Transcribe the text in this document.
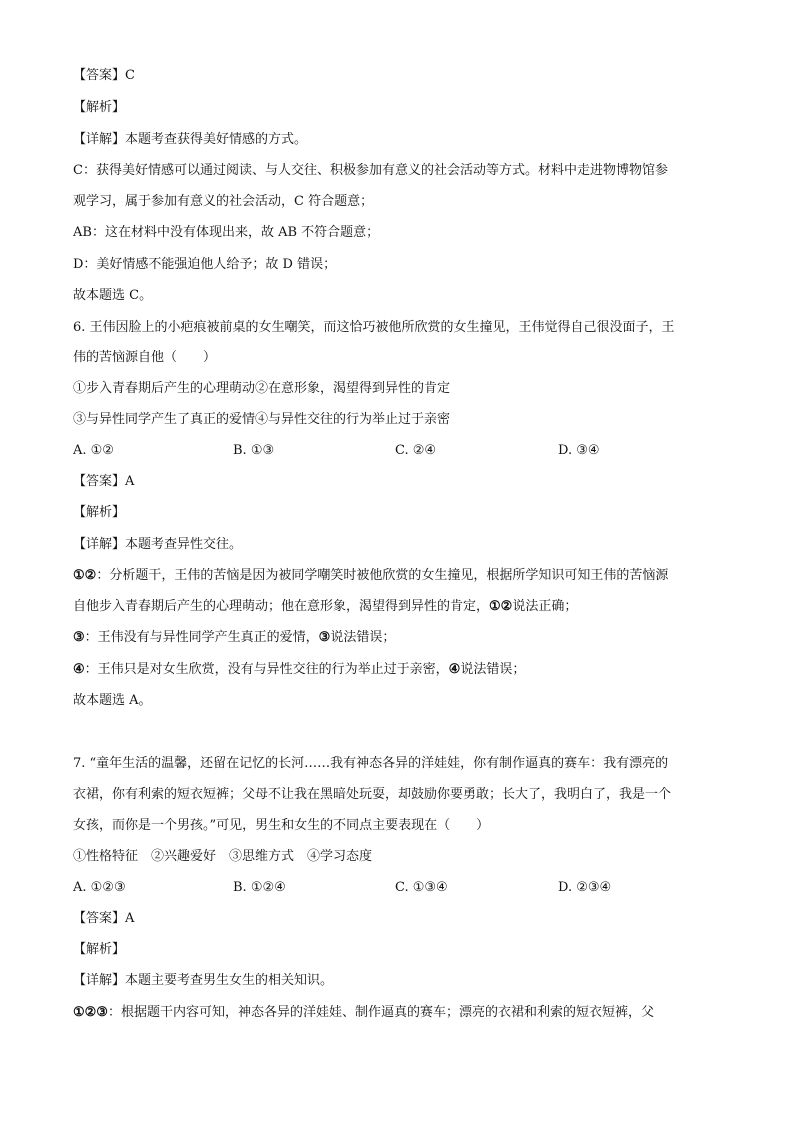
【答案】C
【解析】
【详解】本题考查获得美好情感的方式。
C：获得美好情感可以通过阅读、与人交往、积极参加有意义的社会活动等方式。材料中走进物博物馆参
观学习，属于参加有意义的社会活动，C 符合题意；
AB：这在材料中没有体现出来，故 AB 不符合题意；
D：美好情感不能强迫他人给予；故 D 错误；
故本题选 C。
6. 王伟因脸上的小疤痕被前桌的女生嘲笑，而这恰巧被他所欣赏的女生撞见，王伟觉得自己很没面子，王
伟的苦恼源自他（　　）
①步入青春期后产生的心理萌动②在意形象，渴望得到异性的肯定
③与异性同学产生了真正的爱情④与异性交往的行为举止过于亲密
A. ①②	B. ①③	C. ②④	D. ③④
【答案】A
【解析】
【详解】本题考查异性交往。
①②：分析题干，王伟的苦恼是因为被同学嘲笑时被他欣赏的女生撞见，根据所学知识可知王伟的苦恼源
自他步入青春期后产生的心理萌动；他在意形象，渴望得到异性的肯定，①②说法正确；
③：王伟没有与异性同学产生真正的爱情，③说法错误；
④：王伟只是对女生欣赏，没有与异性交往的行为举止过于亲密，④说法错误；
故本题选 A。
7. “童年生活的温馨，还留在记忆的长河……我有神态各异的洋娃娃，你有制作逼真的赛车：我有漂亮的
衣裙，你有利索的短衣短裤；父母不让我在黑暗处玩耍，却鼓励你要勇敢；长大了，我明白了，我是一个
女孩，而你是一个男孩。”可见，男生和女生的不同点主要表现在（　　）
①性格特征　②兴趣爱好　③思维方式　④学习态度
A. ①②③	B. ①②④	C. ①③④	D. ②③④
【答案】A
【解析】
【详解】本题主要考查男生女生的相关知识。
①②③：根据题干内容可知，神态各异的洋娃娃、制作逼真的赛车；漂亮的衣裙和利索的短衣短裤，父
